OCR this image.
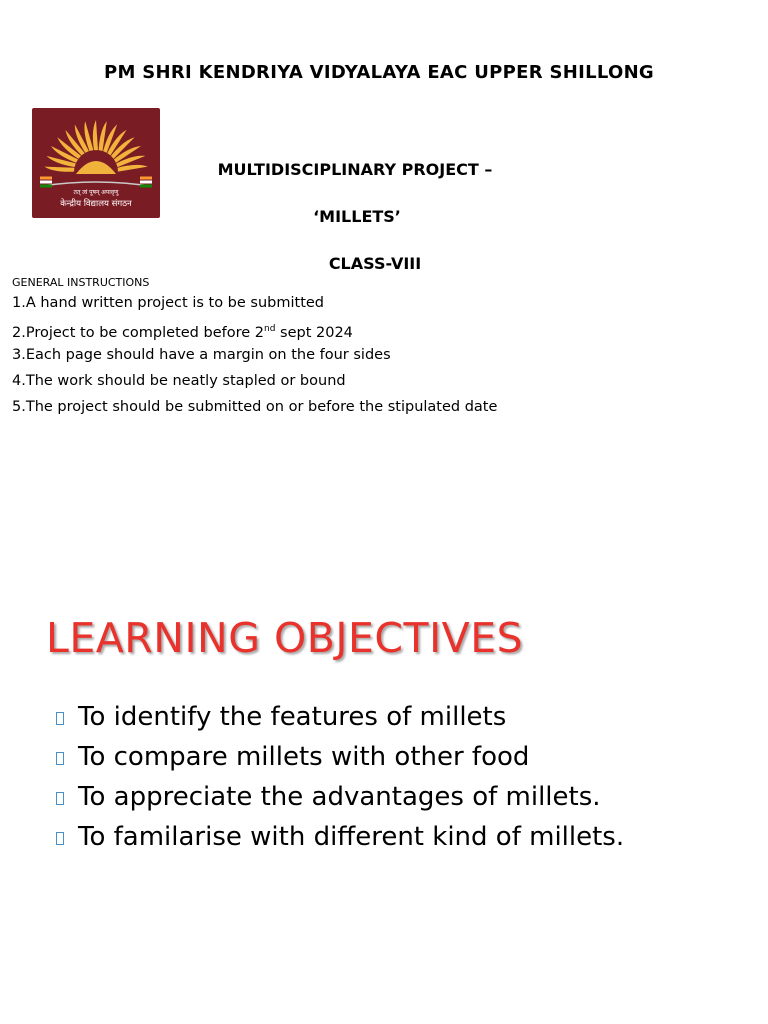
PM SHRI KENDRIYA VIDYALAYA EAC UPPER SHILLONG
तत् त्वं पूषन् अपावृणु
केन्द्रीय विद्यालय संगठन
MULTIDISCIPLINARY PROJECT –
‘MILLETS’
CLASS-VIII
GENERAL INSTRUCTIONS
1.A hand written project is to be submitted
2.Project to be completed before 2nd sept 2024
3.Each page should have a margin on the four sides
4.The work should be neatly stapled or bound
5.The project should be submitted on or before the stipulated date
LEARNING OBJECTIVES
To identify the features of millets
To compare millets with other food
To appreciate the advantages of millets.
To familarise with different kind of millets.
